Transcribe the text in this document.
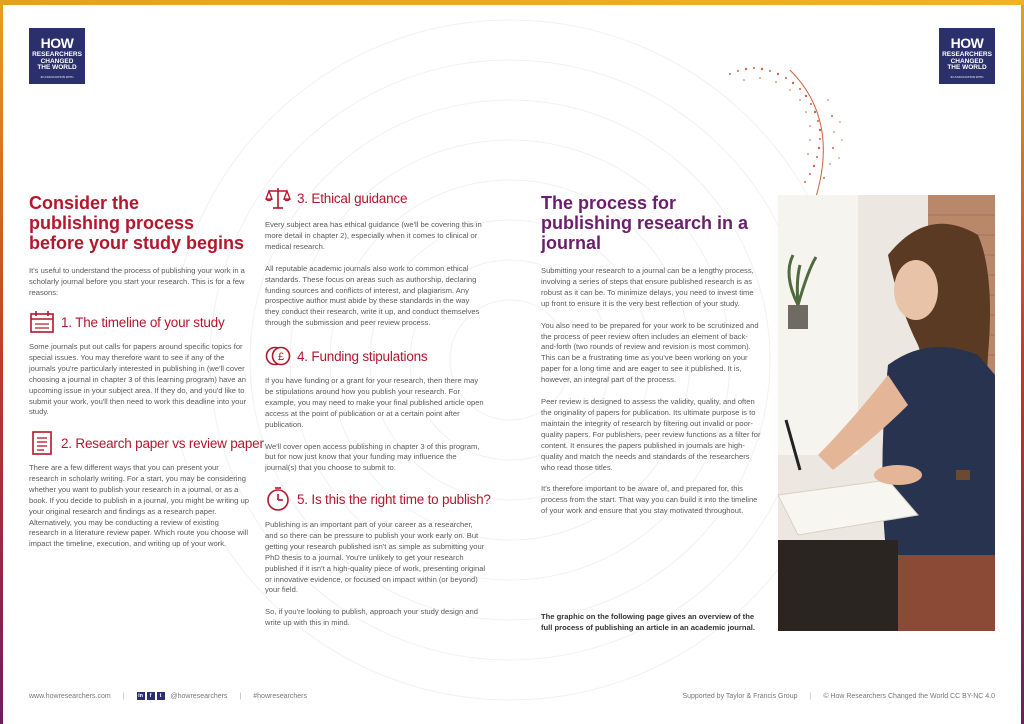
HOW
RESEARCHERS
CHANGED
THE WORLD
IN ASSOCIATION WITH
HOW
RESEARCHERS
CHANGED
THE WORLD
IN ASSOCIATION WITH
Consider the
publishing process
before your study begins

It's useful to understand the process of publishing your work in a scholarly journal before you start your research. This is for a few reasons:

1. The timeline of your study

Some journals put out calls for papers around specific topics for special issues. You may therefore want to see if any of the journals you're particularly interested in publishing in (we'll cover choosing a journal in chapter 3 of this learning program) have an upcoming issue in your subject area. If they do, and you'd like to submit your work, you'll then need to work this deadline into your study.

2. Research paper vs review paper

There are a few different ways that you can present your research in scholarly writing. For a start, you may be considering whether you want to publish your research in a journal, or as a book. If you decide to publish in a journal, you might be writing up your original research and findings as a research paper. Alternatively, you may be conducting a review of existing research in a literature review paper. Which route you choose will impact the timeline, execution, and writing up of your work.

3. Ethical guidance

Every subject area has ethical guidance (we'll be covering this in more detail in chapter 2), especially when it comes to clinical or medical research.

All reputable academic journals also work to common ethical standards. These focus on areas such as authorship, declaring funding sources and conflicts of interest, and plagiarism. Any prospective author must abide by these standards in the way they conduct their research, write it up, and conduct themselves through the submission and peer review process.

£ 4. Funding stipulations

If you have funding or a grant for your research, then there may be stipulations around how you publish your research. For example, you may need to make your final published article open access at the point of publication or at a certain point after publication.

We'll cover open access publishing in chapter 3 of this program, but for now just know that your funding may influence the journal(s) that you choose to submit to.

5. Is this the right time to publish?

Publishing is an important part of your career as a researcher, and so there can be pressure to publish your work early on. But getting your research published isn't as simple as submitting your PhD thesis to a journal. You're unlikely to get your research published if it isn't a high-quality piece of work, presenting original or innovative evidence, or focused on impact within (or beyond) your field.

So, if you're looking to publish, approach your study design and write up with this in mind.

The process for
publishing research in a
journal

Submitting your research to a journal can be a lengthy process, involving a series of steps that ensure published research is as robust as it can be. To minimize delays, you need to invest time up front to ensure it is the very best reflection of your study.

You also need to be prepared for your work to be scrutinized and the process of peer review often includes an element of back-and-forth (two rounds of review and revision is most common). This can be a frustrating time as you've been working on your paper for a long time and are eager to see it published. It is, however, an integral part of the process.

Peer review is designed to assess the validity, quality, and often the originality of papers for publication. Its ultimate purpose is to maintain the integrity of research by filtering out invalid or poor-quality papers. For publishers, peer review functions as a filter for content. It ensures the papers published in journals are high-quality and match the needs and standards of the researchers who read those titles.

It's therefore important to be aware of, and prepared for, this process from the start. That way you can build it into the timeline of your work and ensure that you stay motivated throughout.

The graphic on the following page gives an overview of the full process of publishing an article in an academic journal.
www.howresearchers.com | in	f	t	@howresearchers | #howresearchers	Supported by Taylor & Francis Group | © How Researchers Changed the World CC BY-NC 4.0
